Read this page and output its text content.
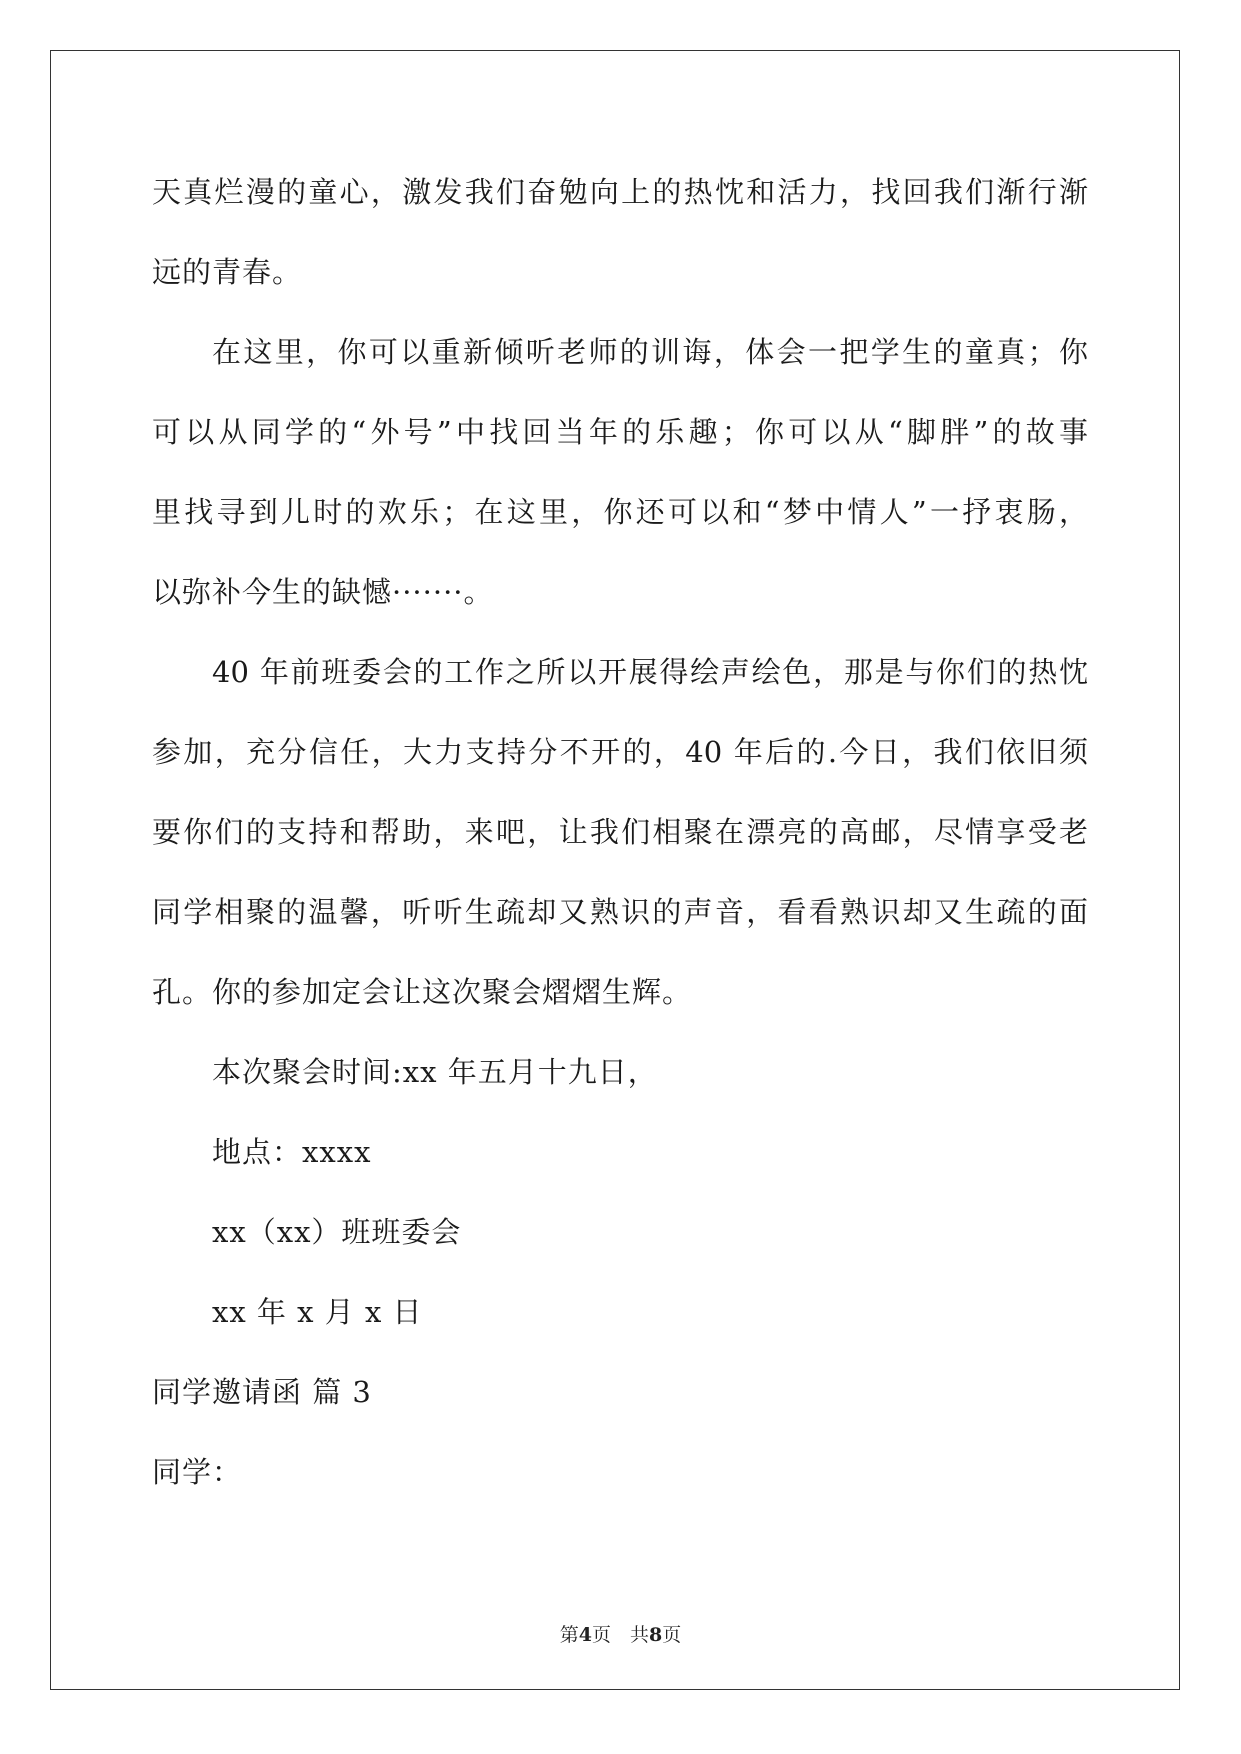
天真烂漫的童心，激发我们奋勉向上的热忱和活力，找回我们渐行渐
远的青春。
在这里，你可以重新倾听老师的训诲，体会一把学生的童真；你
可以从同学的“外号”中找回当年的乐趣；你可以从“脚胖”的故事
里找寻到儿时的欢乐；在这里，你还可以和“梦中情人”一抒衷肠，
以弥补今生的缺憾·······。
40 年前班委会的工作之所以开展得绘声绘色，那是与你们的热忱
参加，充分信任，大力支持分不开的，40 年后的.今日，我们依旧须
要你们的支持和帮助，来吧，让我们相聚在漂亮的高邮，尽情享受老
同学相聚的温馨，听听生疏却又熟识的声音，看看熟识却又生疏的面
孔。你的参加定会让这次聚会熠熠生辉。
本次聚会时间:xx 年五月十九日，
地点：xxxx
xx（xx）班班委会
xx 年 x 月 x 日
同学邀请函 篇 3
同学：
第4页　共8页
